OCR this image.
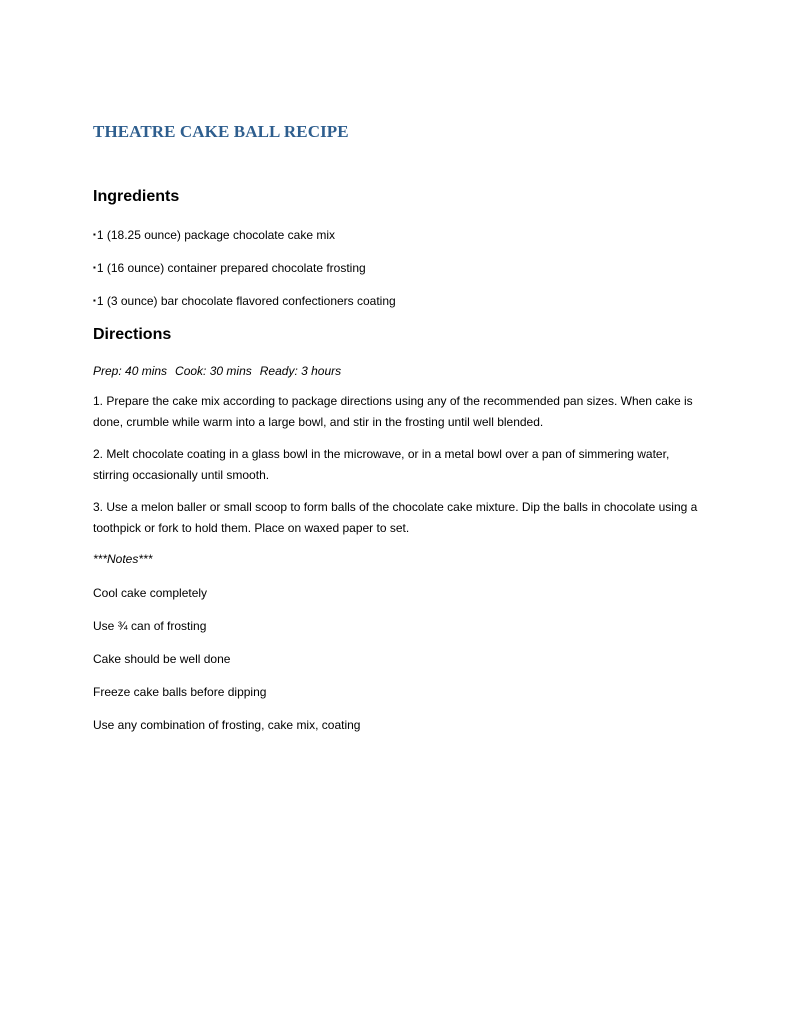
THEATRE CAKE BALL RECIPE
Ingredients
▪1 (18.25 ounce) package chocolate cake mix
▪1 (16 ounce) container prepared chocolate frosting
▪1 (3 ounce) bar chocolate flavored confectioners coating
Directions
Prep: 40 mins Cook: 30 mins Ready: 3 hours
1. Prepare the cake mix according to package directions using any of the recommended pan sizes. When cake is done, crumble while warm into a large bowl, and stir in the frosting until well blended.
2. Melt chocolate coating in a glass bowl in the microwave, or in a metal bowl over a pan of simmering water, stirring occasionally until smooth.
3. Use a melon baller or small scoop to form balls of the chocolate cake mixture. Dip the balls in chocolate using a toothpick or fork to hold them. Place on waxed paper to set.
***Notes***
Cool cake completely
Use ¾ can of frosting
Cake should be well done
Freeze cake balls before dipping
Use any combination of frosting, cake mix, coating
